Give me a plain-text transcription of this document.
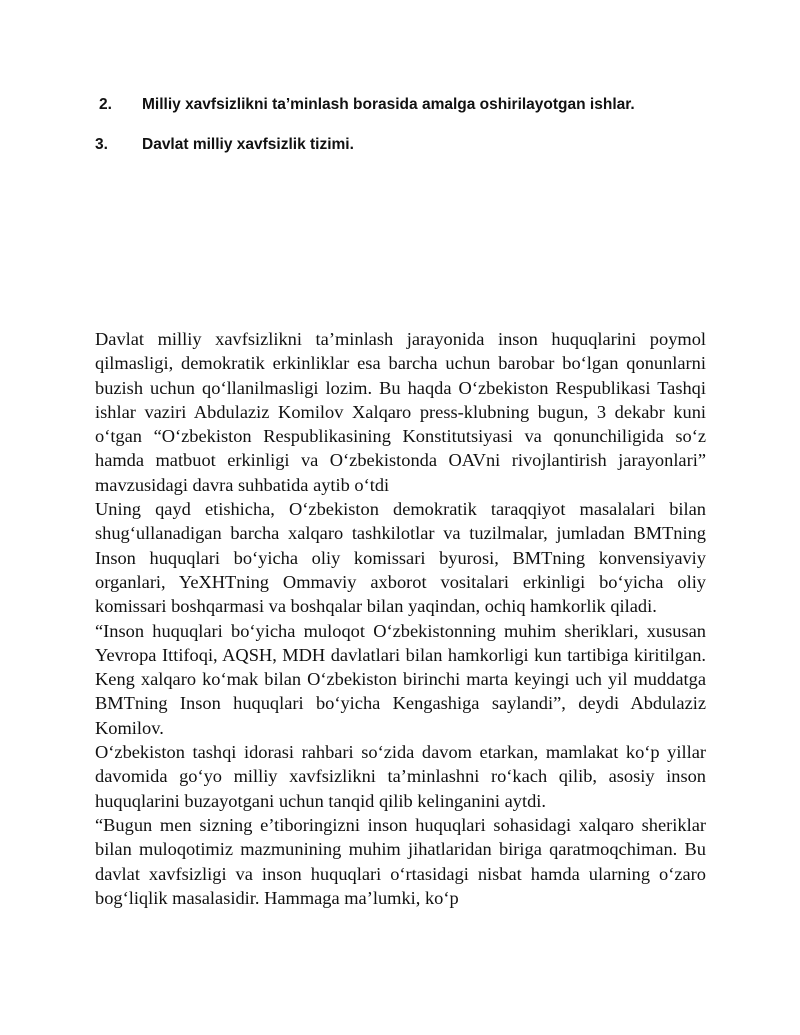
2. Milliy xavfsizlikni ta’minlash borasida amalga oshirilayotgan ishlar.
3. Davlat milliy xavfsizlik tizimi.

Davlat milliy xavfsizlikni ta’minlash jarayonida inson huquqlarini poymol qilmasligi, demokratik erkinliklar esa barcha uchun barobar bo‘lgan qonunlarni buzish uchun qo‘llanilmasligi lozim. Bu haqda O‘zbekiston Respublikasi Tashqi ishlar vaziri Abdulaziz Komilov Xalqaro press-klubning bugun, 3 dekabr kuni o‘tgan “O‘zbekiston Respublikasining Konstitutsiyasi va qonunchiligida so‘z hamda matbuot erkinligi va O‘zbekistonda OAVni rivojlantirish jarayonlari” mavzusidagi davra suhbatida aytib o‘tdi

Uning qayd etishicha, O‘zbekiston demokratik taraqqiyot masalalari bilan shug‘ullanadigan barcha xalqaro tashkilotlar va tuzilmalar, jumladan BMTning Inson huquqlari bo‘yicha oliy komissari byurosi, BMTning konvensiyaviy organlari, YeXHTning Ommaviy axborot vositalari erkinligi bo‘yicha oliy komissari boshqarmasi va boshqalar bilan yaqindan, ochiq hamkorlik qiladi.

“Inson huquqlari bo‘yicha muloqot O‘zbekistonning muhim sheriklari, xususan Yevropa Ittifoqi, AQSH, MDH davlatlari bilan hamkorligi kun tartibiga kiritilgan. Keng xalqaro ko‘mak bilan O‘zbekiston birinchi marta keyingi uch yil muddatga BMTning Inson huquqlari bo‘yicha Kengashiga saylandi”, deydi Abdulaziz Komilov.

O‘zbekiston tashqi idorasi rahbari so‘zida davom etarkan, mamlakat ko‘p yillar davomida go‘yo milliy xavfsizlikni ta’minlashni ro‘kach qilib, asosiy inson huquqlarini buzayotgani uchun tanqid qilib kelinganini aytdi.

“Bugun men sizning e’tiboringizni inson huquqlari sohasidagi xalqaro sheriklar bilan muloqotimiz mazmunining muhim jihatlaridan biriga qaratmoqchiman. Bu davlat xavfsizligi va inson huquqlari o‘rtasidagi nisbat hamda ularning o‘zaro bog‘liqlik masalasidir. Hammaga ma’lumki, ko‘p
